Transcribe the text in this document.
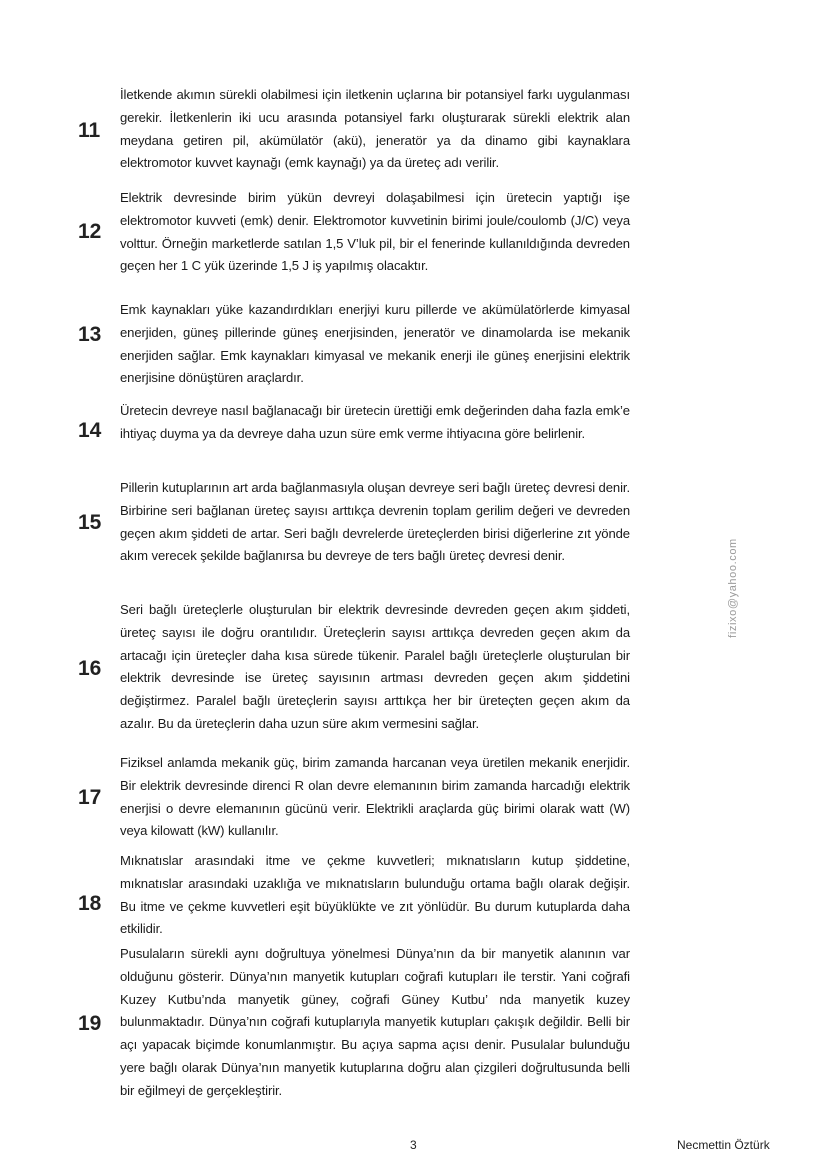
11
İletkende akımın sürekli olabilmesi için iletkenin uçlarına bir potansiyel farkı uygulanması gerekir. İletkenlerin iki ucu arasında potansiyel farkı oluşturarak sürekli elektrik alan meydana getiren pil, akümülatör (akü), jeneratör ya da dinamo gibi kaynaklara elektromotor kuvvet kaynağı (emk kaynağı) ya da üreteç adı verilir.
12
Elektrik devresinde birim yükün devreyi dolaşabilmesi için üretecin yaptığı işe elektromotor kuvveti (emk) denir. Elektromotor kuvvetinin birimi joule/coulomb (J/C) veya volttur. Örneğin marketlerde satılan 1,5 V’luk pil, bir el fenerinde kullanıldığında devreden geçen her 1 C yük üzerinde 1,5 J iş yapılmış olacaktır.
13
Emk kaynakları yüke kazandırdıkları enerjiyi kuru pillerde ve akümülatörlerde kimyasal enerjiden, güneş pillerinde güneş enerjisinden, jeneratör ve dinamolarda ise mekanik enerjiden sağlar. Emk kaynakları kimyasal ve mekanik enerji ile güneş enerjisini elektrik enerjisine dönüştüren araçlardır.
14
Üretecin devreye nasıl bağlanacağı bir üretecin ürettiği emk değerinden daha fazla emk’e ihtiyaç duyma ya da devreye daha uzun süre emk verme ihtiyacına göre belirlenir.
15
Pillerin kutuplarının art arda bağlanmasıyla oluşan devreye seri bağlı üreteç devresi denir. Birbirine seri bağlanan üreteç sayısı arttıkça devrenin toplam gerilim değeri ve devreden geçen akım şiddeti de artar. Seri bağlı devrelerde üreteçlerden birisi diğerlerine zıt yönde akım verecek şekilde bağlanırsa bu devreye de ters bağlı üreteç devresi denir.
16
Seri bağlı üreteçlerle oluşturulan bir elektrik devresinde devreden geçen akım şiddeti, üreteç sayısı ile doğru orantılıdır. Üreteçlerin sayısı arttıkça devreden geçen akım da artacağı için üreteçler daha kısa sürede tükenir. Paralel bağlı üreteçlerle oluşturulan bir elektrik devresinde ise üreteç sayısının artması devreden geçen akım şiddetini değiştirmez. Paralel bağlı üreteçlerin sayısı arttıkça her bir üreteçten geçen akım da azalır. Bu da üreteçlerin daha uzun süre akım vermesini sağlar.
17
Fiziksel anlamda mekanik güç, birim zamanda harcanan veya üretilen mekanik enerjidir. Bir elektrik devresinde direnci R olan devre elemanının birim zamanda harcadığı elektrik enerjisi o devre elemanının gücünü verir. Elektrikli araçlarda güç birimi olarak watt (W) veya kilowatt (kW) kullanılır.
18
Mıknatıslar arasındaki itme ve çekme kuvvetleri; mıknatısların kutup şiddetine, mıknatıslar arasındaki uzaklığa ve mıknatısların bulunduğu ortama bağlı olarak değişir. Bu itme ve çekme kuvvetleri eşit büyüklükte ve zıt yönlüdür. Bu durum kutuplarda daha etkilidir.
19
Pusulaların sürekli aynı doğrultuya yönelmesi Dünya’nın da bir manyetik alanının var olduğunu gösterir. Dünya’nın manyetik kutupları coğrafi kutupları ile terstir. Yani coğrafi Kuzey Kutbu’nda manyetik güney, coğrafi Güney Kutbu’ nda manyetik kuzey bulunmaktadır. Dünya’nın coğrafi kutuplarıyla manyetik kutupları çakışık değildir. Belli bir açı yapacak biçimde konumlanmıştır. Bu açıya sapma açısı denir. Pusulalar bulunduğu yere bağlı olarak Dünya’nın manyetik kutuplarına doğru alan çizgileri doğrultusunda belli bir eğilmeyi de gerçekleştirir.
fizixo@yahoo.com
3	Necmettin Öztürk
